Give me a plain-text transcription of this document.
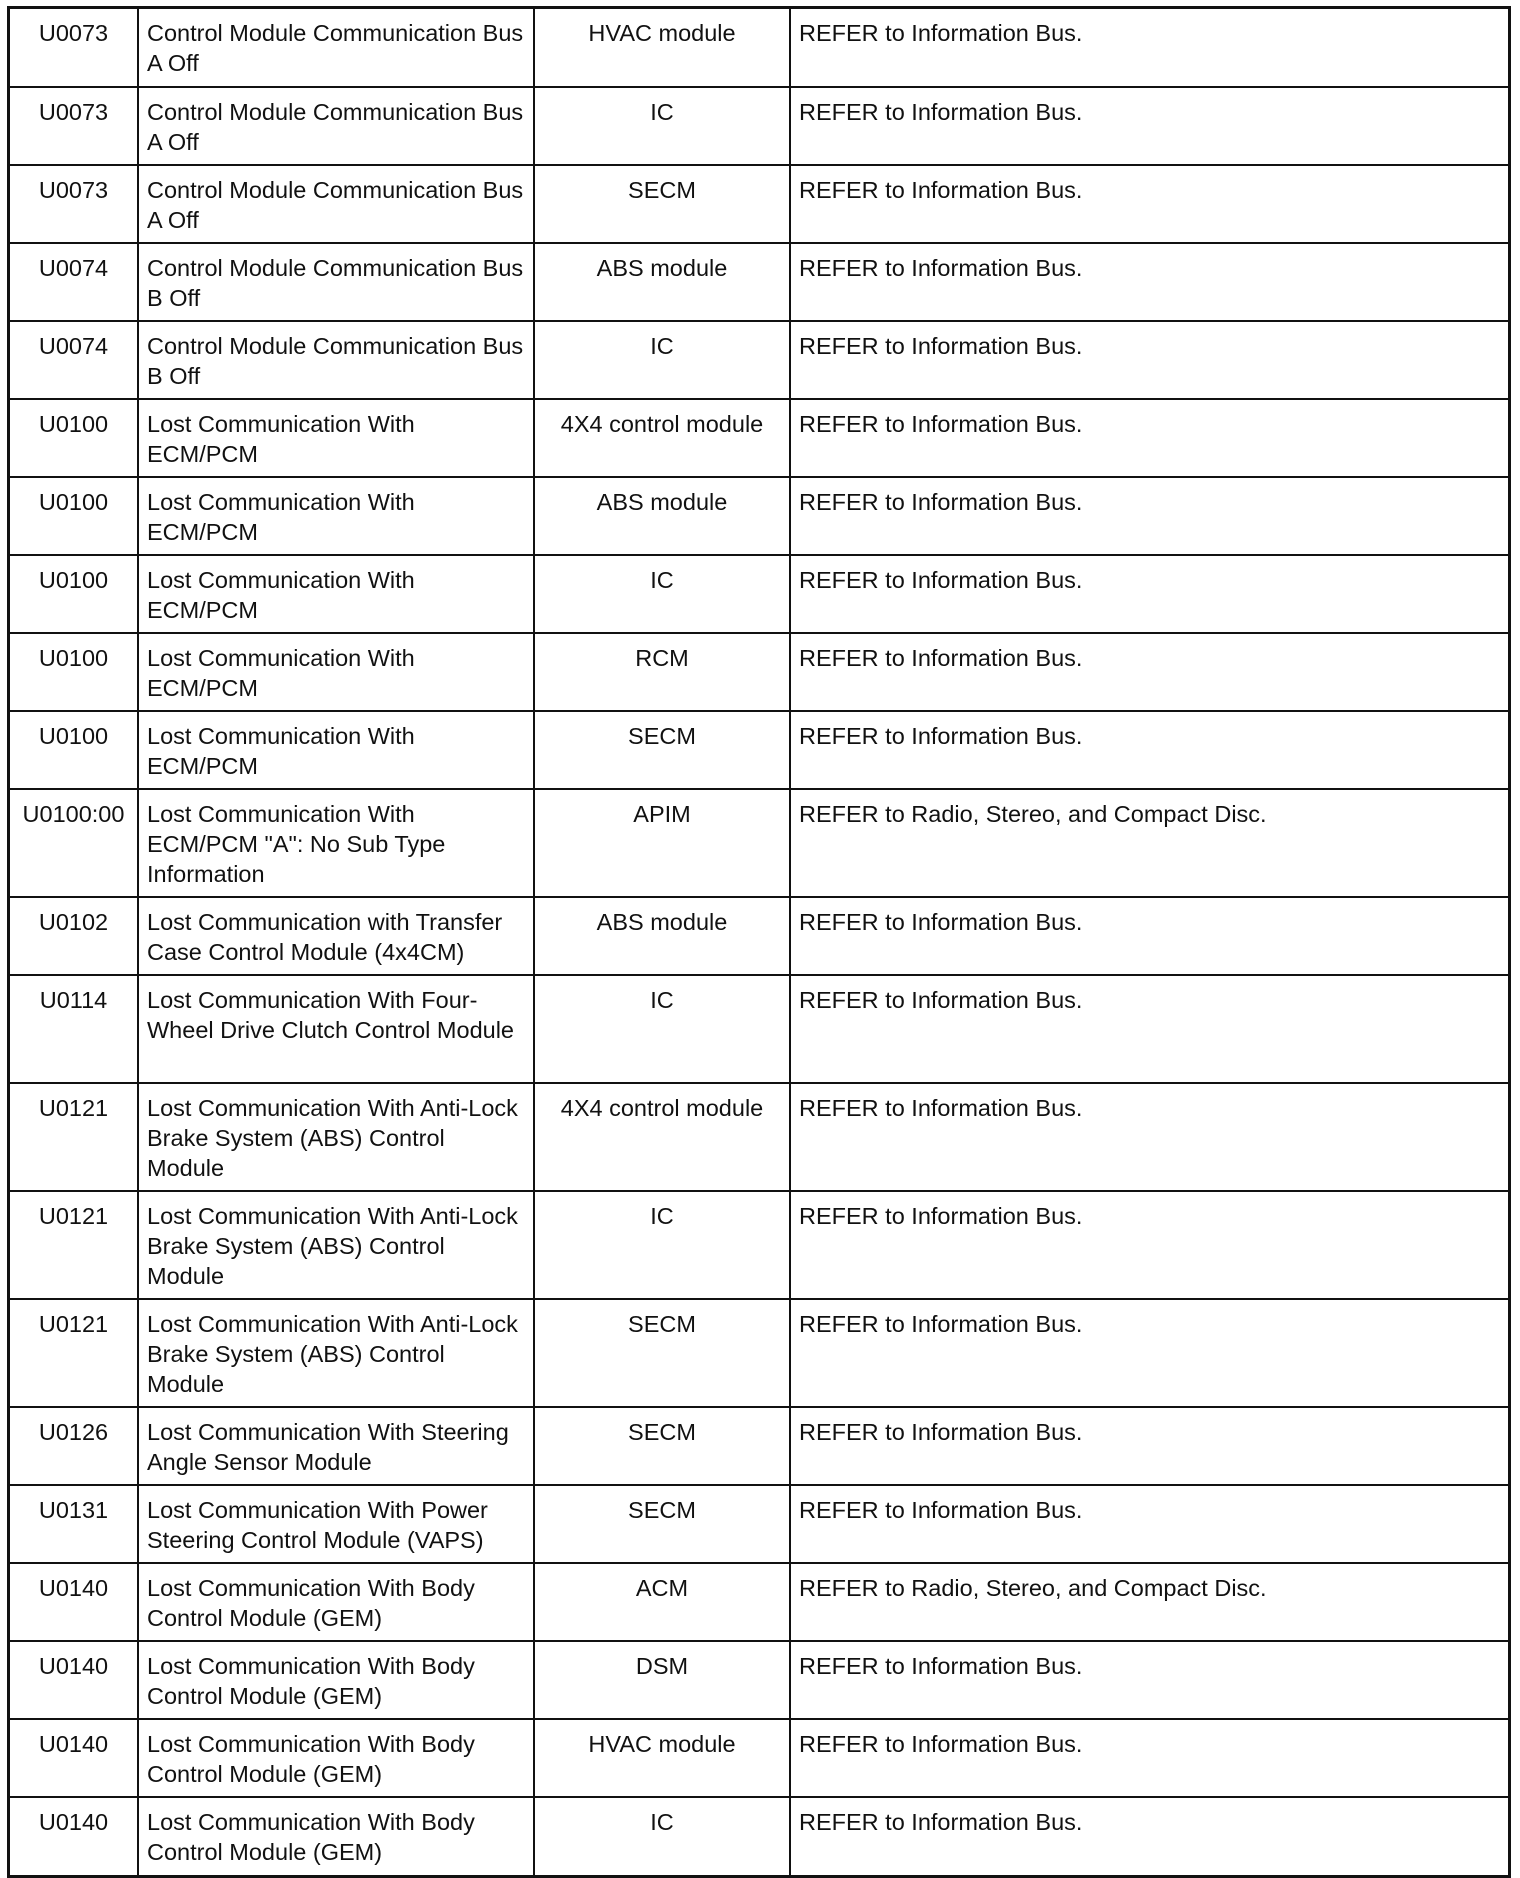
U0073	Control Module Communication Bus A Off	HVAC module	REFER to Information Bus.
U0073	Control Module Communication Bus A Off	IC	REFER to Information Bus.
U0073	Control Module Communication Bus A Off	SECM	REFER to Information Bus.
U0074	Control Module Communication Bus B Off	ABS module	REFER to Information Bus.
U0074	Control Module Communication Bus B Off	IC	REFER to Information Bus.
U0100	Lost Communication With ECM/PCM	4X4 control module	REFER to Information Bus.
U0100	Lost Communication With ECM/PCM	ABS module	REFER to Information Bus.
U0100	Lost Communication With ECM/PCM	IC	REFER to Information Bus.
U0100	Lost Communication With ECM/PCM	RCM	REFER to Information Bus.
U0100	Lost Communication With ECM/PCM	SECM	REFER to Information Bus.
U0100:00	Lost Communication With ECM/PCM "A": No Sub Type Information	APIM	REFER to Radio, Stereo, and Compact Disc.
U0102	Lost Communication with Transfer Case Control Module (4x4CM)	ABS module	REFER to Information Bus.
U0114	Lost Communication With Four-Wheel Drive Clutch Control Module	IC	REFER to Information Bus.
U0121	Lost Communication With Anti-Lock Brake System (ABS) Control Module	4X4 control module	REFER to Information Bus.
U0121	Lost Communication With Anti-Lock Brake System (ABS) Control Module	IC	REFER to Information Bus.
U0121	Lost Communication With Anti-Lock Brake System (ABS) Control Module	SECM	REFER to Information Bus.
U0126	Lost Communication With Steering Angle Sensor Module	SECM	REFER to Information Bus.
U0131	Lost Communication With Power Steering Control Module (VAPS)	SECM	REFER to Information Bus.
U0140	Lost Communication With Body Control Module (GEM)	ACM	REFER to Radio, Stereo, and Compact Disc.
U0140	Lost Communication With Body Control Module (GEM)	DSM	REFER to Information Bus.
U0140	Lost Communication With Body Control Module (GEM)	HVAC module	REFER to Information Bus.
U0140	Lost Communication With Body Control Module (GEM)	IC	REFER to Information Bus.
